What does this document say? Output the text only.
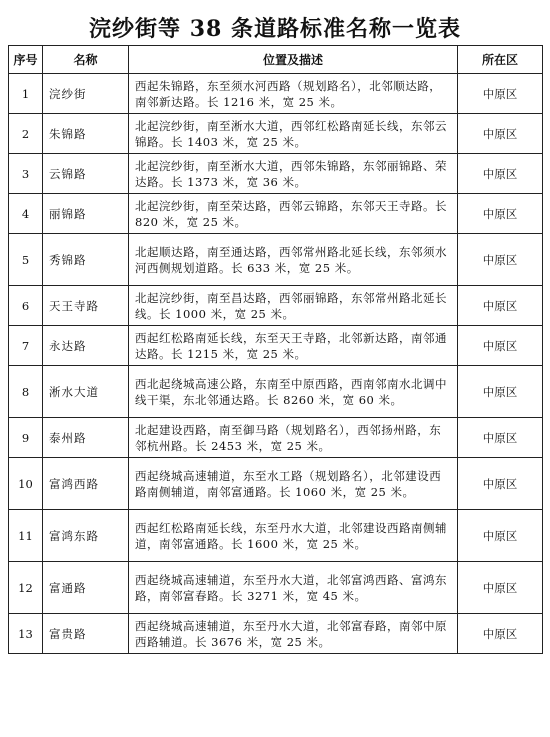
浣纱街等 38 条道路标准名称一览表
序号	名称	位置及描述	所在区
1	浣纱街	西起朱锦路，东至须水河西路（规划路名），北邻顺达路，南邻新达路。长 1216 米，宽 25 米。	中原区
2	朱锦路	北起浣纱街，南至淅水大道，西邻红松路南延长线，东邻云锦路。长 1403 米，宽 25 米。	中原区
3	云锦路	北起浣纱街，南至淅水大道，西邻朱锦路，东邻丽锦路、荣达路。长 1373 米，宽 36 米。	中原区
4	丽锦路	北起浣纱街，南至荣达路，西邻云锦路，东邻天王寺路。长 820 米，宽 25 米。	中原区
5	秀锦路	北起顺达路，南至通达路，西邻常州路北延长线，东邻须水河西侧规划道路。长 633 米，宽 25 米。	中原区
6	天王寺路	北起浣纱街，南至昌达路，西邻丽锦路，东邻常州路北延长线。长 1000 米，宽 25 米。	中原区
7	永达路	西起红松路南延长线，东至天王寺路，北邻新达路，南邻通达路。长 1215 米，宽 25 米。	中原区
8	淅水大道	西北起绕城高速公路，东南至中原西路，西南邻南水北调中线干渠，东北邻通达路。长 8260 米，宽 60 米。	中原区
9	泰州路	北起建设西路，南至御马路（规划路名），西邻扬州路，东邻杭州路。长 2453 米，宽 25 米。	中原区
10	富鸿西路	西起绕城高速辅道，东至水工路（规划路名），北邻建设西路南侧辅道，南邻富通路。长 1060 米，宽 25 米。	中原区
11	富鸿东路	西起红松路南延长线，东至丹水大道，北邻建设西路南侧辅道，南邻富通路。长 1600 米，宽 25 米。	中原区
12	富通路	西起绕城高速辅道，东至丹水大道，北邻富鸿西路、富鸿东路，南邻富春路。长 3271 米，宽 45 米。	中原区
13	富贵路	西起绕城高速辅道，东至丹水大道，北邻富春路，南邻中原西路辅道。长 3676 米，宽 25 米。	中原区
